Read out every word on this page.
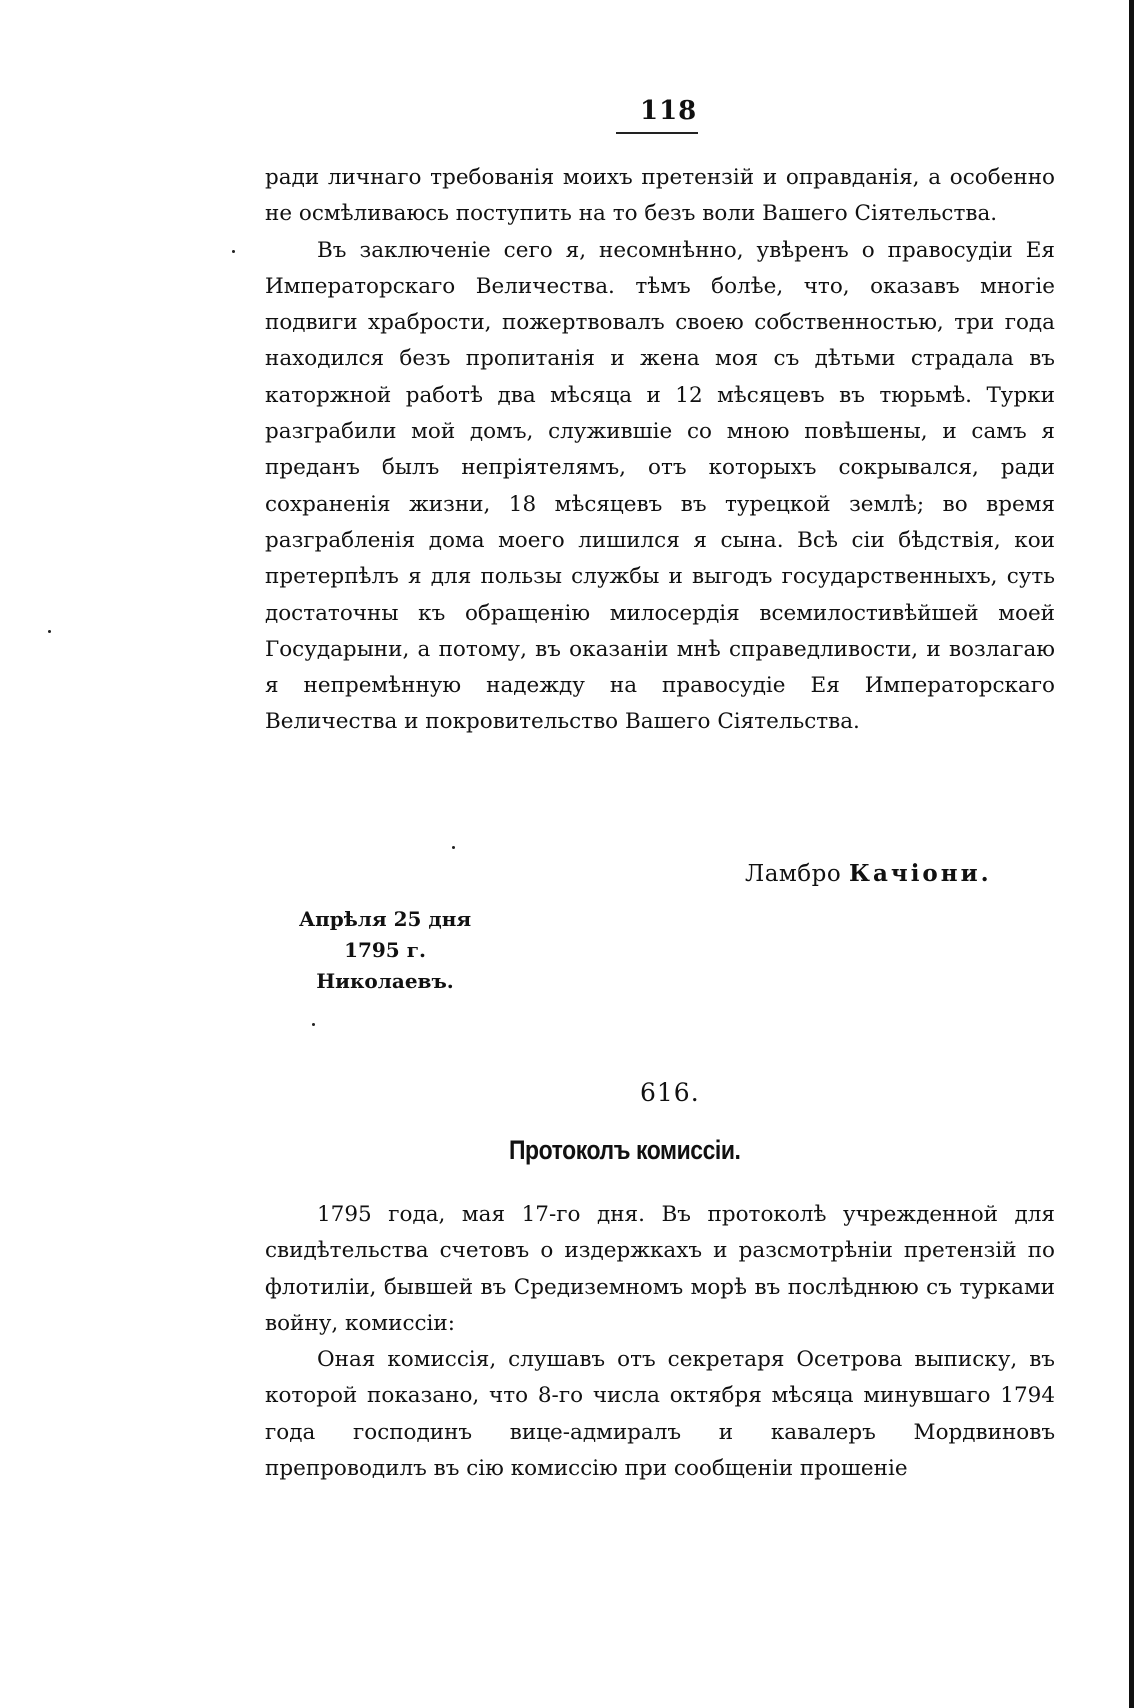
118

ради личнаго требованія моихъ претензій и оправданія, а особенно не осмѣливаюсь поступить на то безъ воли Вашего Сіятельства.

Въ заключеніе сего я, несомнѣнно, увѣренъ о правосудіи Ея Императорскаго Величества. тѣмъ болѣе, что, оказавъ многіе подвиги храбрости, пожертвовалъ своею собственностью, три года находился безъ пропитанія и жена моя съ дѣтьми страдала въ каторжной работѣ два мѣсяца и 12 мѣсяцевъ въ тюрьмѣ. Турки разграбили мой домъ, служившіе со мною повѣшены, и самъ я преданъ былъ непріятелямъ, отъ которыхъ сокрывался, ради сохраненія жизни, 18 мѣсяцевъ въ турецкой землѣ; во время разграбленія дома моего лишился я сына. Всѣ сіи бѣдствія, кои претерпѣлъ я для пользы службы и выгодъ государственныхъ, суть достаточны къ обращенію милосердія всемилостивѣйшей моей Государыни, а потому, въ оказаніи мнѣ справедливости, и возлагаю я непремѣнную надежду на правосудіе Ея Императорскаго Величества и покровительство Вашего Сіятельства.

Ламбро Качіони.
Апрѣля 25 дня
1795 г.
Николаевъ.
616.
Протоколъ комиссіи.

1795 года, мая 17-го дня. Въ протоколѣ учрежденной для свидѣтельства счетовъ о издержкахъ и разсмотрѣніи претензій по флотиліи, бывшей въ Средиземномъ морѣ въ послѣднюю съ турками войну, комиссіи:

Оная комиссія, слушавъ отъ секретаря Осетрова выписку, въ которой показано, что 8-го числа октября мѣсяца минувшаго 1794 года господинъ вице-адмиралъ и кавалеръ Мордвиновъ препроводилъ въ сію комиссію при сообщеніи прошеніе
